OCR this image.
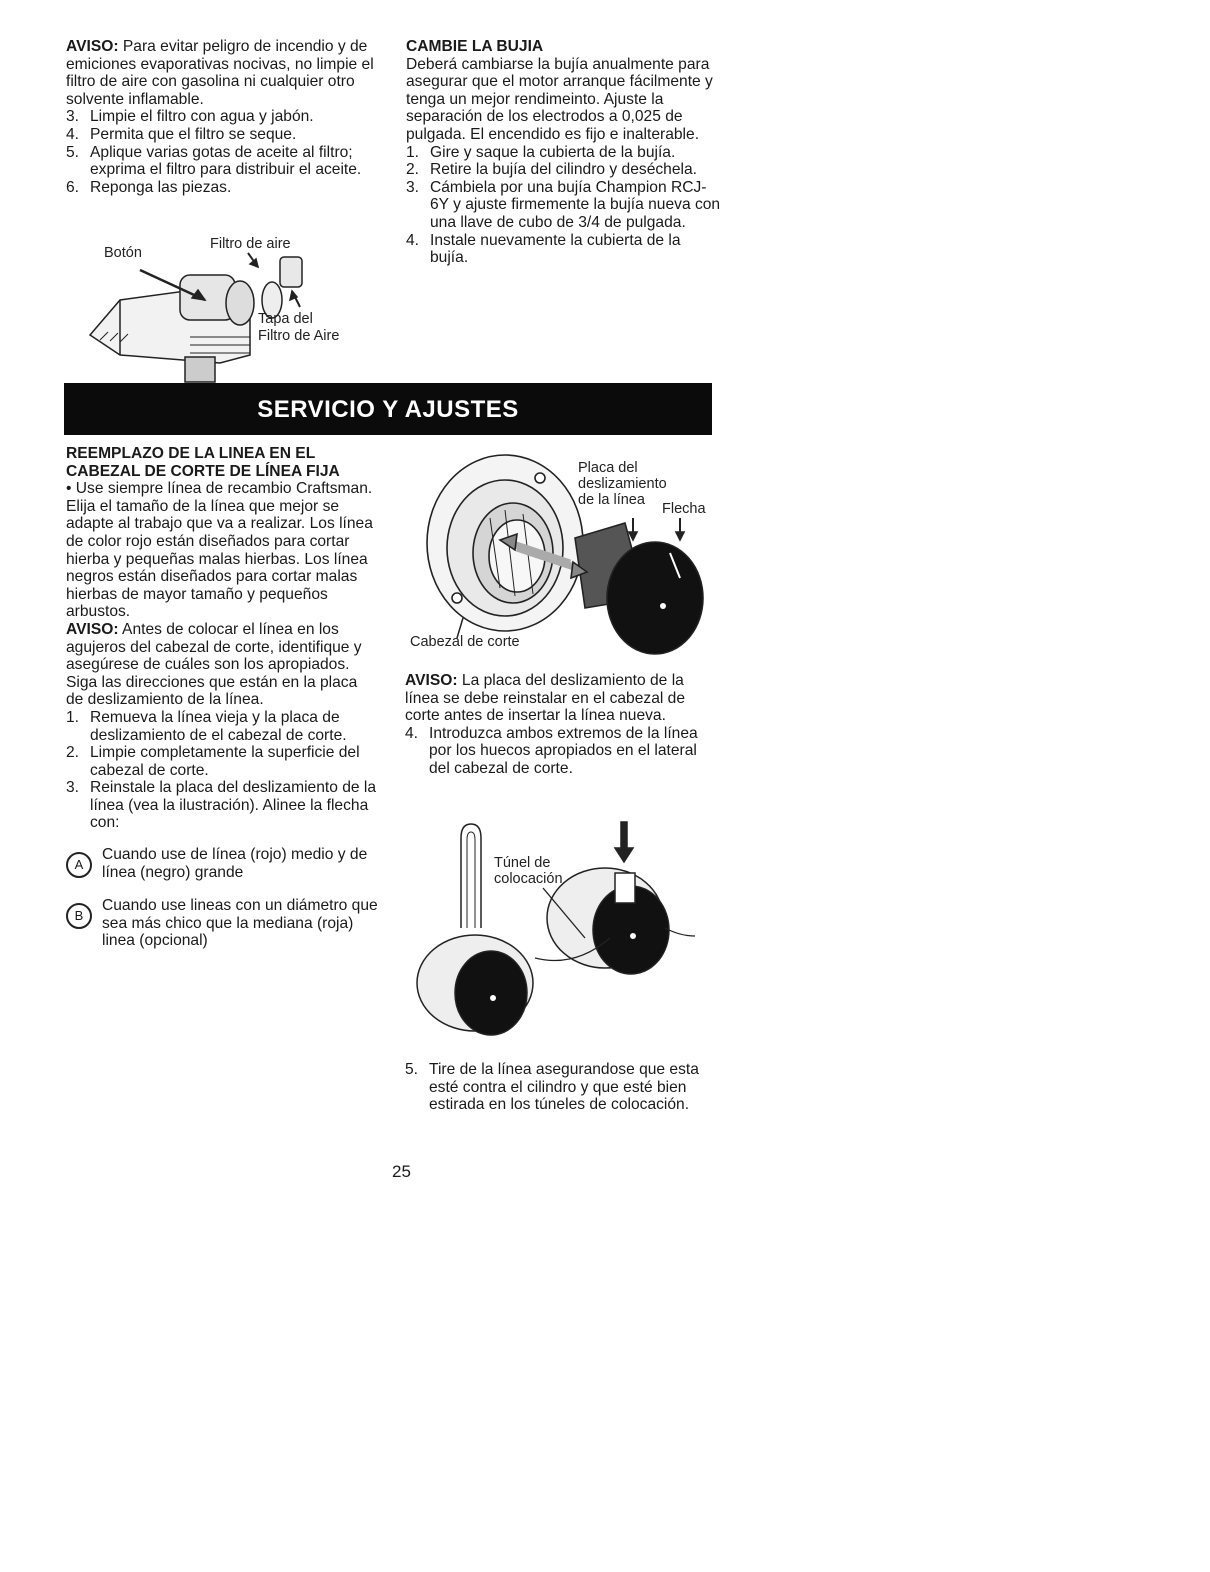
AVISO: Para evitar peligro de incendio y de emiciones evaporativas nocivas, no limpie el filtro de aire con gasolina ni cualquier otro solvente inflamable.

3. Limpie el filtro con agua y jabón.
4. Permita que el filtro se seque.
5. Aplique varias gotas de aceite al filtro; exprima el filtro para distribuir el aceite.
6. Reponga las piezas.
Botón
Filtro de aire
Tapa del
Filtro de Aire

CAMBIE LA BUJIA

Deberá cambiarse la bujía anualmente para asegurar que el motor arranque fácilmente y tenga un mejor rendimeinto. Ajuste la separación de los electrodos a 0,025 de pulgada. El encendido es fijo e inalterable.

1. Gire y saque la cubierta de la bujía.
2. Retire la bujía del cilindro y deséchela.
3. Cámbiela por una bujía Champion RCJ-6Y y ajuste firmemente la bujía nueva con una llave de cubo de 3/4 de pulgada.
4. Instale nuevamente la cubierta de la bujía.
SERVICIO Y AJUSTES

REEMPLAZO DE LA LINEA EN EL CABEZAL DE CORTE DE LÍNEA FIJA

• Use siempre línea de recambio Craftsman.

Elija el tamaño de la línea que mejor se adapte al trabajo que va a realizar. Los línea de color rojo están diseñados para cortar hierba y pequeñas malas hierbas. Los línea negros están diseñados para cortar malas hierbas de mayor tamaño y pequeños arbustos.

AVISO: Antes de colocar el línea en los agujeros del cabezal de corte, identifique y asegúrese de cuáles son los apropiados. Siga las direcciones que están en la placa de deslizamiento de la línea.

1. Remueva la línea vieja y la placa de deslizamiento de el cabezal de corte.
2. Limpie completamente la superficie del cabezal de corte.
3. Reinstale la placa del deslizamiento de la línea (vea la ilustración). Alinee la flecha con:
A
Cuando use de línea (rojo) medio y de línea (negro) grande
B
Cuando use lineas con un diámetro que sea más chico que la mediana (roja) linea (opcional)
Placa del
deslizamiento
de la línea
Flecha
Cabezal de corte

AVISO: La placa del deslizamiento de la línea se debe reinstalar en el cabezal de corte antes de insertar la línea nueva.

4. Introduzca ambos extremos de la línea por los huecos apropiados en el lateral del cabezal de corte.
Túnel de
colocación
5. Tire de la línea asegurandose que esta esté contra el cilindro y que esté bien estirada en los túneles de colocación.
25
